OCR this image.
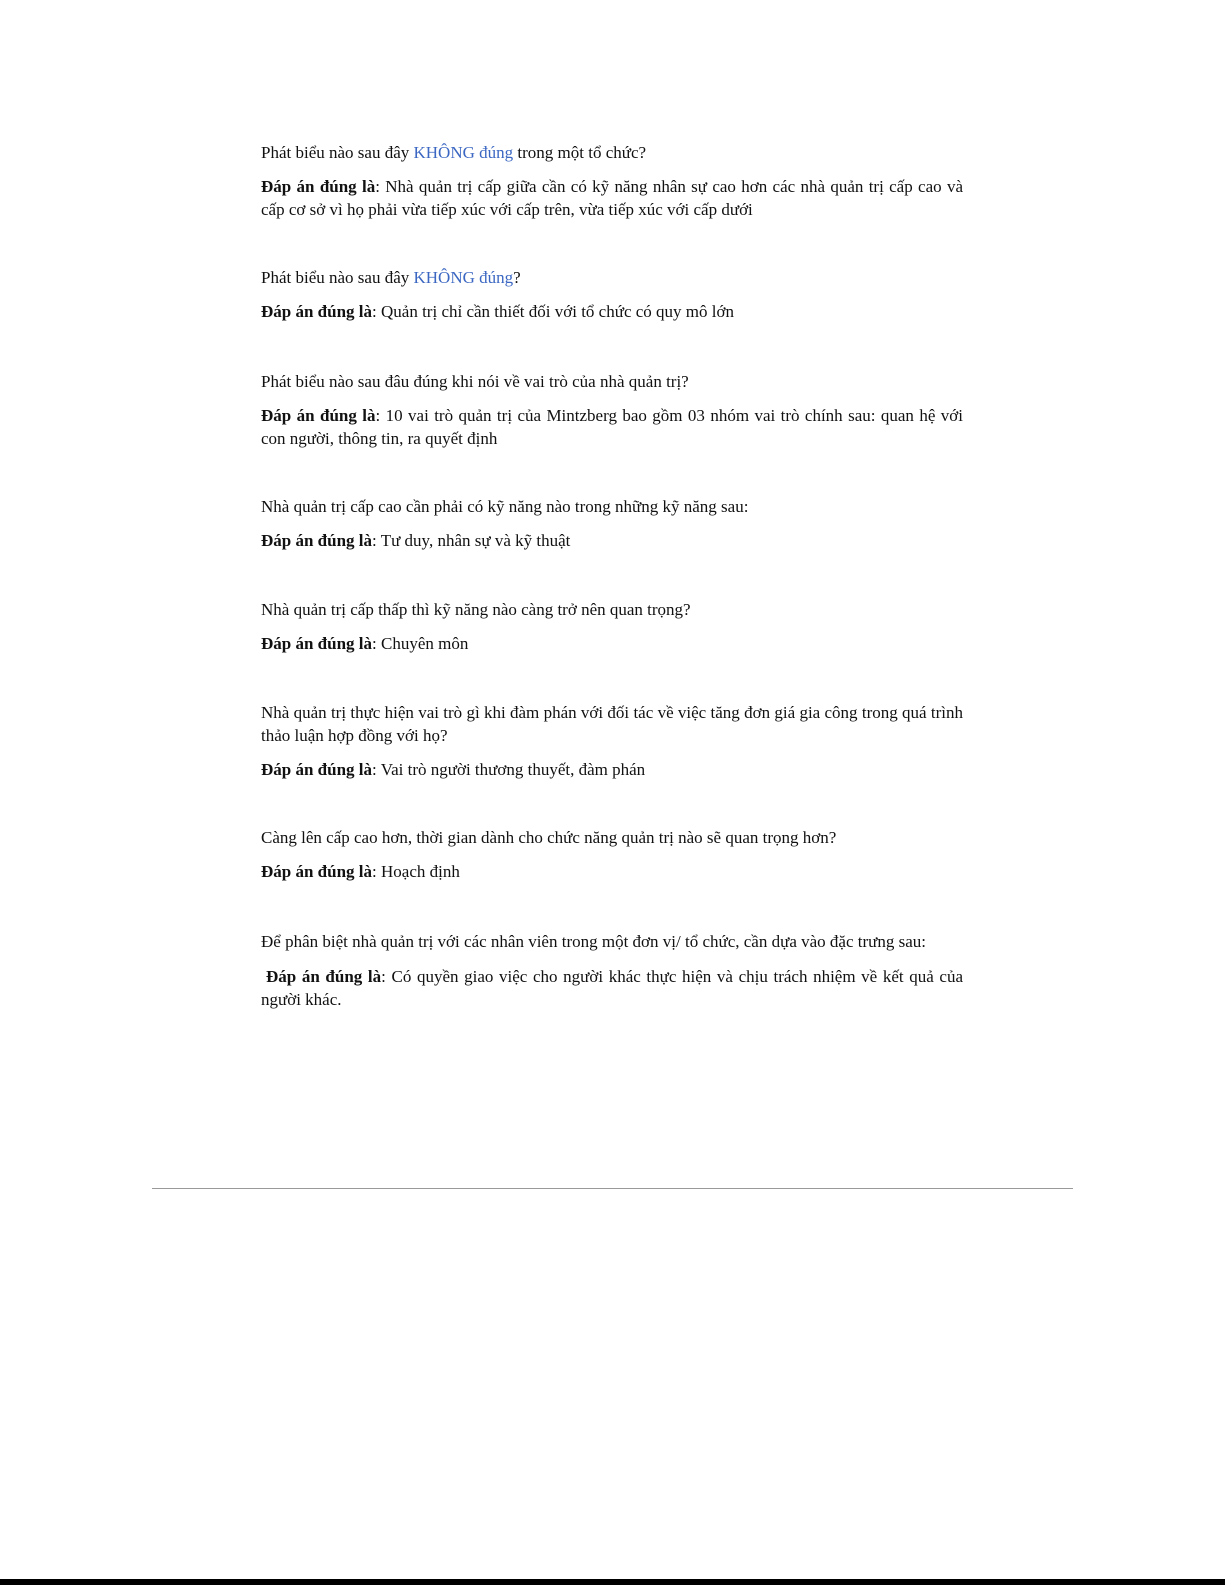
Phát biểu nào sau đây KHÔNG đúng trong một tổ chức?

Đáp án đúng là: Nhà quản trị cấp giữa cần có kỹ năng nhân sự cao hơn các nhà quản trị cấp cao và cấp cơ sở vì họ phải vừa tiếp xúc với cấp trên, vừa tiếp xúc với cấp dưới

Phát biểu nào sau đây KHÔNG đúng?

Đáp án đúng là: Quản trị chỉ cần thiết đối với tổ chức có quy mô lớn

Phát biểu nào sau đâu đúng khi nói về vai trò của nhà quản trị?

Đáp án đúng là: 10 vai trò quản trị của Mintzberg bao gồm 03 nhóm vai trò chính sau: quan hệ với con người, thông tin, ra quyết định

Nhà quản trị cấp cao cần phải có kỹ năng nào trong những kỹ năng sau:

Đáp án đúng là: Tư duy, nhân sự và kỹ thuật

Nhà quản trị cấp thấp thì kỹ năng nào càng trở nên quan trọng?

Đáp án đúng là: Chuyên môn

Nhà quản trị thực hiện vai trò gì khi đàm phán với đối tác về việc tăng đơn giá gia công trong quá trình thảo luận hợp đồng với họ?

Đáp án đúng là: Vai trò người thương thuyết, đàm phán

Càng lên cấp cao hơn, thời gian dành cho chức năng quản trị nào sẽ quan trọng hơn?

Đáp án đúng là: Hoạch định

Để phân biệt nhà quản trị với các nhân viên trong một đơn vị/ tổ chức, cần dựa vào đặc trưng sau:

Đáp án đúng là: Có quyền giao việc cho người khác thực hiện và chịu trách nhiệm về kết quả của người khác.
